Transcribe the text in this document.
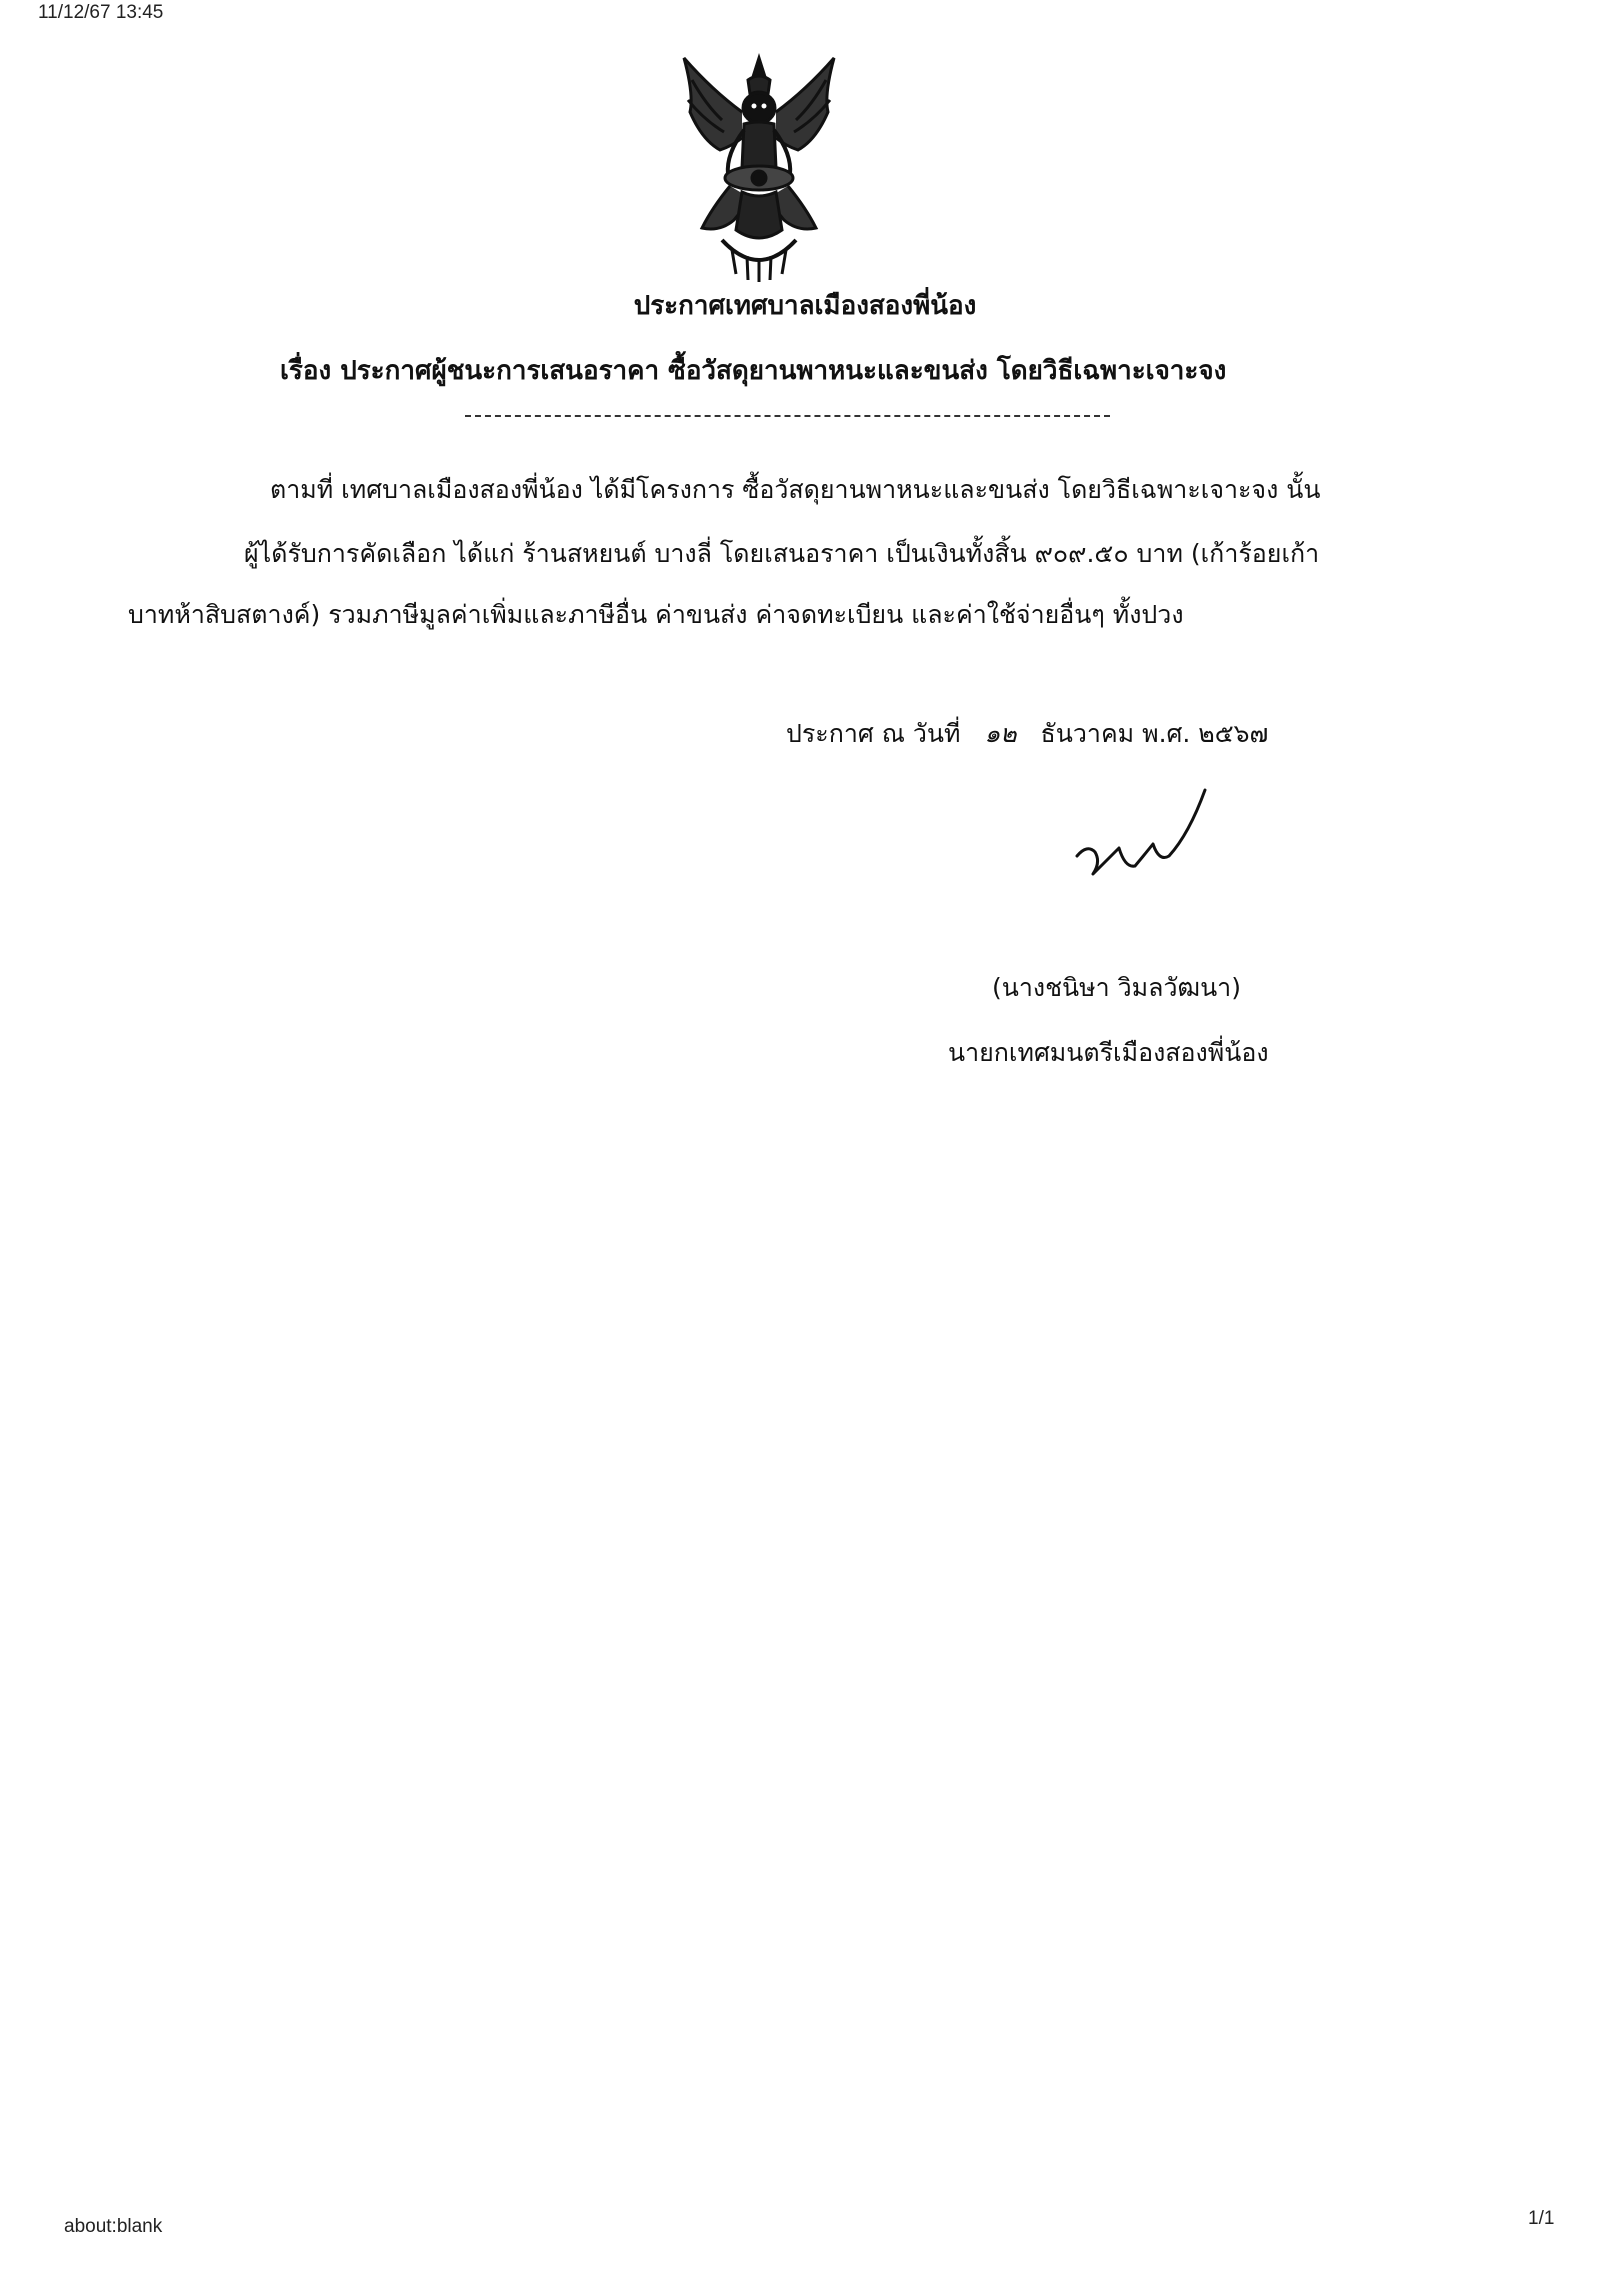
11/12/67 13:45
ประกาศเทศบาลเมืองสองพี่น้อง
เรื่อง ประกาศผู้ชนะการเสนอราคา ซื้อวัสดุยานพาหนะและขนส่ง โดยวิธีเฉพาะเจาะจง
ตามที่ เทศบาลเมืองสองพี่น้อง ได้มีโครงการ ซื้อวัสดุยานพาหนะและขนส่ง โดยวิธีเฉพาะเจาะจง นั้น
ผู้ได้รับการคัดเลือก ได้แก่ ร้านสหยนต์ บางลี่ โดยเสนอราคา เป็นเงินทั้งสิ้น ๙๐๙.๕๐ บาท (เก้าร้อยเก้า
บาทห้าสิบสตางค์) รวมภาษีมูลค่าเพิ่มและภาษีอื่น ค่าขนส่ง ค่าจดทะเบียน และค่าใช้จ่ายอื่นๆ ทั้งปวง
ประกาศ ณ วันที่ ๑๒ ธันวาคม พ.ศ. ๒๕๖๗
(นางชนิษา วิมลวัฒนา)
นายกเทศมนตรีเมืองสองพี่น้อง
about:blank	1/1
